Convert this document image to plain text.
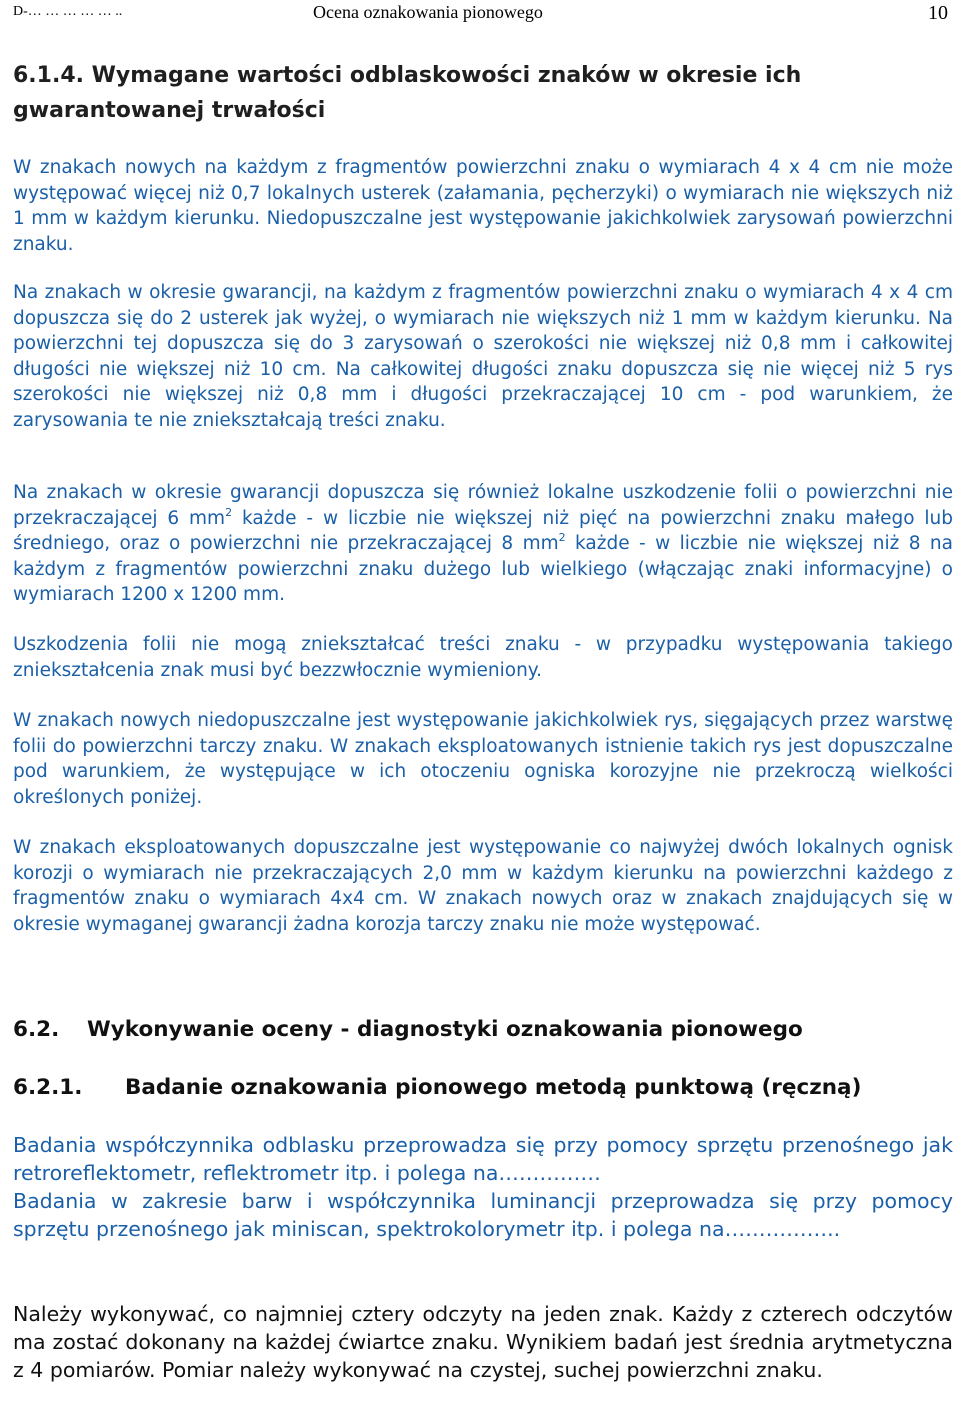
D-… … … … … ..	Ocena oznakowania pionowego	10
6.1.4. Wymagane wartości odblaskowości znaków w okresie ich gwarantowanej trwałości

W znakach nowych na każdym z fragmentów powierzchni znaku o wymiarach 4 x 4 cm nie może występować więcej niż 0,7 lokalnych usterek (załamania, pęcherzyki) o wymiarach nie większych niż 1 mm w każdym kierunku. Niedopuszczalne jest występowanie jakichkolwiek zarysowań powierzchni znaku.

Na znakach w okresie gwarancji, na każdym z fragmentów powierzchni znaku o wymiarach 4 x 4 cm dopuszcza się do 2 usterek jak wyżej, o wymiarach nie większych niż 1 mm w każdym kierunku. Na powierzchni tej dopuszcza się do 3 zarysowań o szerokości nie większej niż 0,8 mm i całkowitej długości nie większej niż 10 cm. Na całkowitej długości znaku dopuszcza się nie więcej niż 5 rys szerokości nie większej niż 0,8 mm i długości przekraczającej 10 cm - pod warunkiem, że zarysowania te nie zniekształcają treści znaku.

Na znakach w okresie gwarancji dopuszcza się również lokalne uszkodzenie folii o powierzchni nie przekraczającej 6 $mm^2$ każde - w liczbie nie większej niż pięć na powierzchni znaku małego lub średniego, oraz o powierzchni nie przekraczającej 8 $mm^2$ każde - w liczbie nie większej niż 8 na każdym z fragmentów powierzchni znaku dużego lub wielkiego (włączając znaki informacyjne) o wymiarach 1200 x 1200 mm.

Uszkodzenia folii nie mogą zniekształcać treści znaku - w przypadku występowania takiego zniekształcenia znak musi być bezzwłocznie wymieniony.

W znakach nowych niedopuszczalne jest występowanie jakichkolwiek rys, sięgających przez warstwę folii do powierzchni tarczy znaku. W znakach eksploatowanych istnienie takich rys jest dopuszczalne pod warunkiem, że występujące w ich otoczeniu ogniska korozyjne nie przekroczą wielkości określonych poniżej.

W znakach eksploatowanych dopuszczalne jest występowanie co najwyżej dwóch lokalnych ognisk korozji o wymiarach nie przekraczających 2,0 mm w każdym kierunku na powierzchni każdego z fragmentów znaku o wymiarach 4x4 cm. W znakach nowych oraz w znakach znajdujących się w okresie wymaganej gwarancji żadna korozja tarczy znaku nie może występować.

6.2. Wykonywanie oceny - diagnostyki oznakowania pionowego
6.2.1. Badanie oznakowania pionowego metodą punktową (ręczną)

Badania współczynnika odblasku przeprowadza się przy pomocy sprzętu przenośnego jak retroreflektometr, reflektrometr itp. i polega na……………

Badania w zakresie barw i współczynnika luminancji przeprowadza się przy pomocy sprzętu przenośnego jak miniscan, spektrokolorymetr itp. i polega na……………..

Należy wykonywać, co najmniej cztery odczyty na jeden znak. Każdy z czterech odczytów ma zostać dokonany na każdej ćwiartce znaku. Wynikiem badań jest średnia arytmetyczna z 4 pomiarów. Pomiar należy wykonywać na czystej, suchej powierzchni znaku.
